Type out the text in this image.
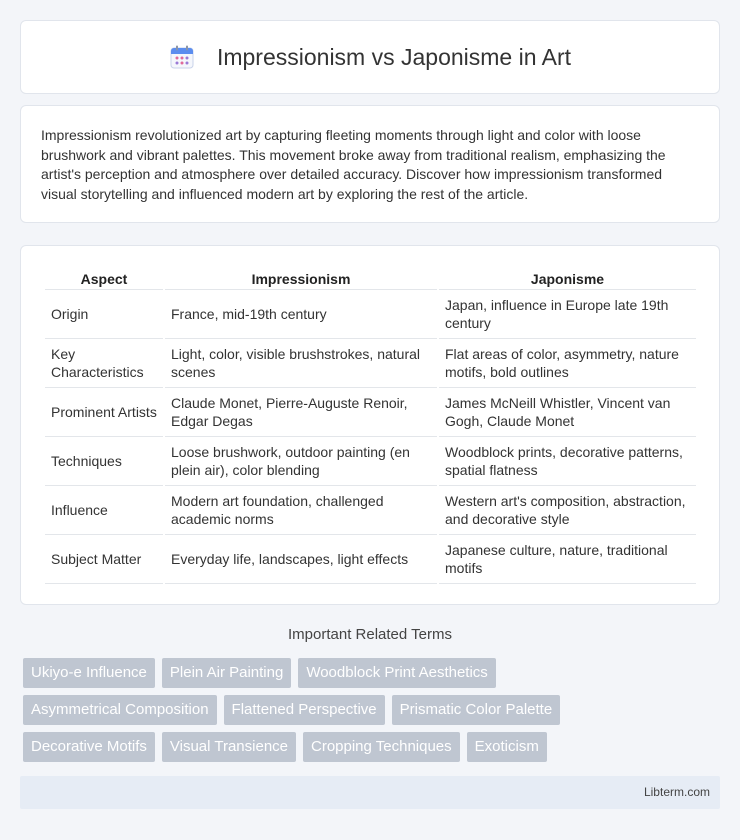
Impressionism vs Japonisme in Art

Impressionism revolutionized art by capturing fleeting moments through light and color with loose brushwork and vibrant palettes. This movement broke away from traditional realism, emphasizing the artist's perception and atmosphere over detailed accuracy. Discover how impressionism transformed visual storytelling and influenced modern art by exploring the rest of the article.

Aspect	Impressionism	Japonisme
Origin	France, mid-19th century	Japan, influence in Europe late 19th century
Key Characteristics	Light, color, visible brushstrokes, natural scenes	Flat areas of color, asymmetry, nature motifs, bold outlines
Prominent Artists	Claude Monet, Pierre-Auguste Renoir, Edgar Degas	James McNeill Whistler, Vincent van Gogh, Claude Monet
Techniques	Loose brushwork, outdoor painting (en plein air), color blending	Woodblock prints, decorative patterns, spatial flatness
Influence	Modern art foundation, challenged academic norms	Western art's composition, abstraction, and decorative style
Subject Matter	Everyday life, landscapes, light effects	Japanese culture, nature, traditional motifs
Important Related Terms
Ukiyo-e Influence	Plein Air Painting	Woodblock Print Aesthetics
Asymmetrical Composition	Flattened Perspective	Prismatic Color Palette
Decorative Motifs	Visual Transience	Cropping Techniques	Exoticism
Libterm.com
